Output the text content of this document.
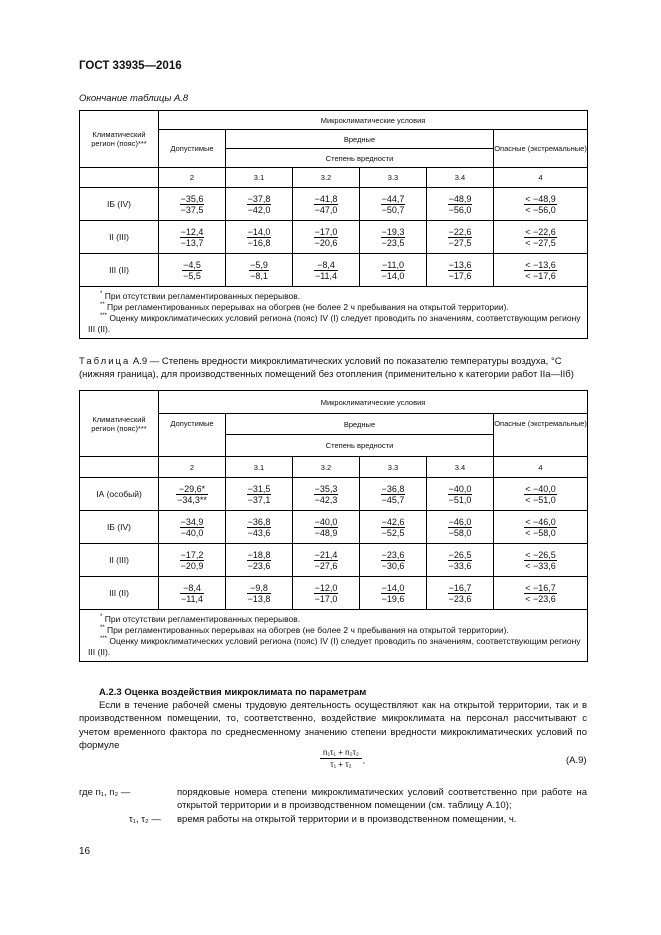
ГОСТ 33935—2016
Окончание таблицы А.8
Климатический регион (пояс)***	Микроклиматические условия					
	Допустимые	Вредные				Опасные (экстремальные)
		Степень вредности				
	2	3.1	3.2	3.3	3.4	4
IБ (IV)	$\frac{-35,6}{-37,5}$	$\frac{-37,8}{-42,0}$	$\frac{-41,8}{-47,0}$	$\frac{-44,7}{-50,7}$	$\frac{-48,9}{-56,0}$	$\frac{< -48,9}{< -56,0}$

II (III)	$\frac{-12,4}{-13,7}$	$\frac{-14,0}{-16,8}$	$\frac{-17,0}{-20,6}$	$\frac{-19,3}{-23,5}$	$\frac{-22,6}{-27,5}$	$\frac{< -22,6}{< -27,5}$

III (II)	$\frac{-4,5}{-5,5}$	$\frac{-5,9}{-8,1}$	$\frac{-8,4}{-11,4}$	$\frac{-11,0}{-14,0}$	$\frac{-13,6}{-17,6}$	$\frac{< -13,6}{< -17,6}$

* При отсутствии регламентированных перерывов.

** При регламентированных перерывах на обогрев (не более 2 ч пребывания на открытой территории).

*** Оценку микроклиматических условий региона (пояс) IV (I) следует проводить по значениям, соответствующим региону III (II).						

Таблица А.9 — Степень вредности микроклиматических условий по показателю температуры воздуха, °С (нижняя граница), для производственных помещений без отопления (применительно к категории работ IIа—IIб)
Климатический регион (пояс)***	Микроклиматические условия					
	Допустимые	Вредные				Опасные (экстремальные)
		Степень вредности				
	2	3.1	3.2	3.3	3.4	4
IА (особый)	$\frac{-29,6*}{-34,3**}$	$\frac{-31,5}{-37,1}$	$\frac{-35,3}{-42,3}$	$\frac{-36,8}{-45,7}$	$\frac{-40,0}{-51,0}$	$\frac{< -40,0}{< -51,0}$

IБ (IV)	$\frac{-34,9}{-40,0}$	$\frac{-36,8}{-43,6}$	$\frac{-40,0}{-48,9}$	$\frac{-42,6}{-52,5}$	$\frac{-46,0}{-58,0}$	$\frac{< -46,0}{< -58,0}$

II (III)	$\frac{-17,2}{-20,9}$	$\frac{-18,8}{-23,6}$	$\frac{-21,4}{-27,6}$	$\frac{-23,6}{-30,6}$	$\frac{-26,5}{-33,6}$	$\frac{< -26,5}{< -33,6}$

III (II)	$\frac{-8,4}{-11,4}$	$\frac{-9,8}{-13,8}$	$\frac{-12,0}{-17,0}$	$\frac{-14,0}{-19,6}$	$\frac{-16,7}{-23,6}$	$\frac{< -16,7}{< -23,6}$

* При отсутствии регламентированных перерывов.

** При регламентированных перерывах на обогрев (не более 2 ч пребывания на открытой территории).

*** Оценку микроклиматических условий региона (пояс) IV (I) следует проводить по значениям, соответствующим региону III (II).						

А.2.3 Оценка воздействия микроклимата по параметрам

Если в течение рабочей смены трудовую деятельность осуществляют как на открытой территории, так и в производственном помещении, то, соответственно, воздействие микроклимата на персонал рассчитывают с учетом временного фактора по среднесменному значению степени вредности микроклиматических условий по формуле

n₁τ₁ + n₂τ₂
τ₁ + τ₂	,	(А.9)
где n₁, n₂ —	порядковые номера степени микроклиматических условий соответственно при работе на открытой территории и в производственном помещении (см. таблицу А.10);
τ₁, τ₂ — время работы на открытой территории и в производственном помещении, ч.
16
